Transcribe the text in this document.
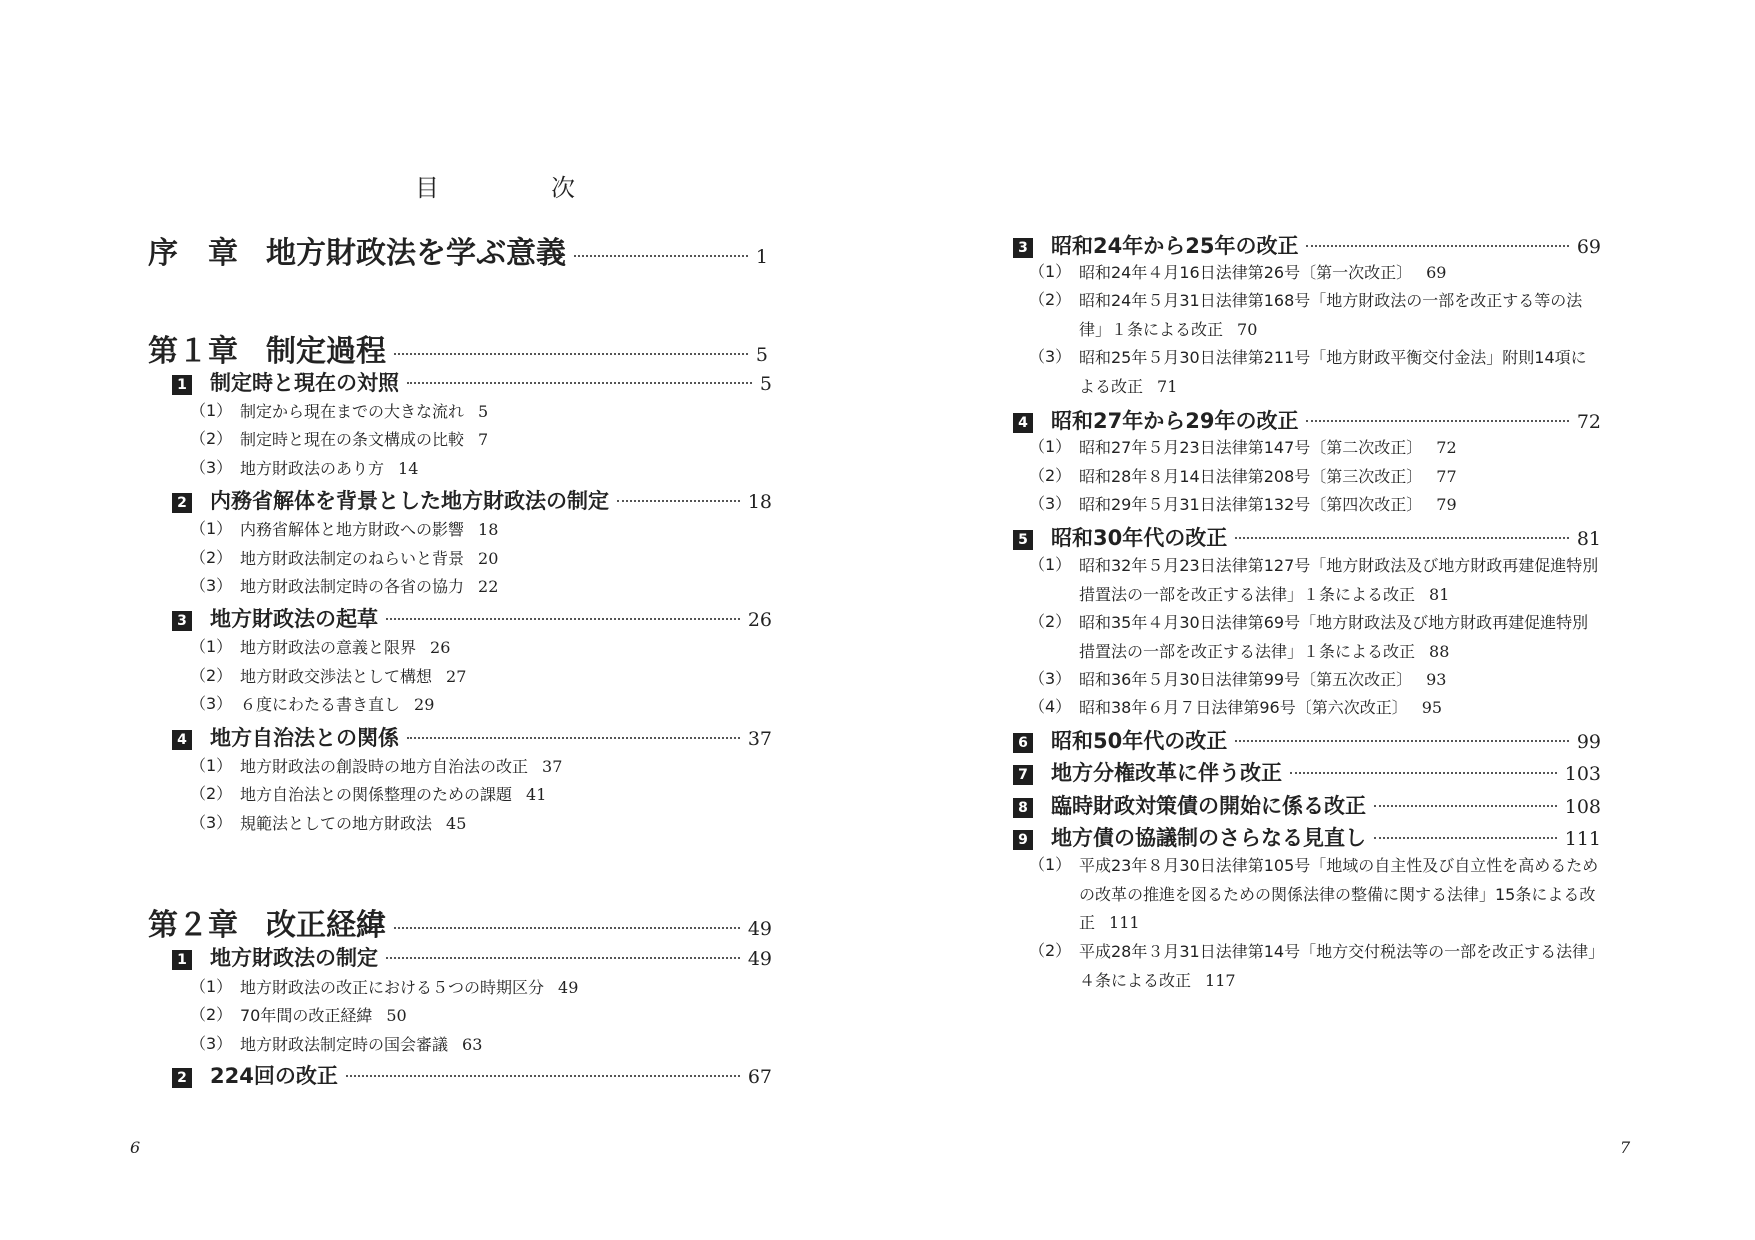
目　次
序　章 地方財政法を学ぶ意義	1
第１章 制定過程	5
1 制定時と現在の対照	5
（1） 制定から現在までの大きな流れ 5
（2） 制定時と現在の条文構成の比較 7
（3） 地方財政法のあり方 14
2 内務省解体を背景とした地方財政法の制定	18
（1） 内務省解体と地方財政への影響 18
（2） 地方財政法制定のねらいと背景 20
（3） 地方財政法制定時の各省の協力 22
3 地方財政法の起草	26
（1） 地方財政法の意義と限界 26
（2） 地方財政交渉法として構想 27
（3） ６度にわたる書き直し 29
4 地方自治法との関係	37
（1） 地方財政法の創設時の地方自治法の改正 37
（2） 地方自治法との関係整理のための課題 41
（3） 規範法としての地方財政法 45
第２章 改正経緯	49
1 地方財政法の制定	49
（1） 地方財政法の改正における５つの時期区分 49
（2） 70年間の改正経緯 50
（3） 地方財政法制定時の国会審議 63
2 224回の改正	67
6
3 昭和24年から25年の改正	69
（1） 昭和24年４月16日法律第26号〔第一次改正〕 69
（2） 昭和24年５月31日法律第168号「地方財政法の一部を改正する等の法律」１条による改正 70
（3） 昭和25年５月30日法律第211号「地方財政平衡交付金法」附則14項による改正 71
4 昭和27年から29年の改正	72
（1） 昭和27年５月23日法律第147号〔第二次改正〕 72
（2） 昭和28年８月14日法律第208号〔第三次改正〕 77
（3） 昭和29年５月31日法律第132号〔第四次改正〕 79
5 昭和30年代の改正	81
（1） 昭和32年５月23日法律第127号「地方財政法及び地方財政再建促進特別措置法の一部を改正する法律」１条による改正 81
（2） 昭和35年４月30日法律第69号「地方財政法及び地方財政再建促進特別措置法の一部を改正する法律」１条による改正 88
（3） 昭和36年５月30日法律第99号〔第五次改正〕 93
（4） 昭和38年６月７日法律第96号〔第六次改正〕 95
6 昭和50年代の改正	99
7 地方分権改革に伴う改正	103
8 臨時財政対策債の開始に係る改正	108
9 地方債の協議制のさらなる見直し	111
（1） 平成23年８月30日法律第105号「地域の自主性及び自立性を高めるための改革の推進を図るための関係法律の整備に関する法律」15条による改正 111
（2） 平成28年３月31日法律第14号「地方交付税法等の一部を改正する法律」４条による改正 117
7
